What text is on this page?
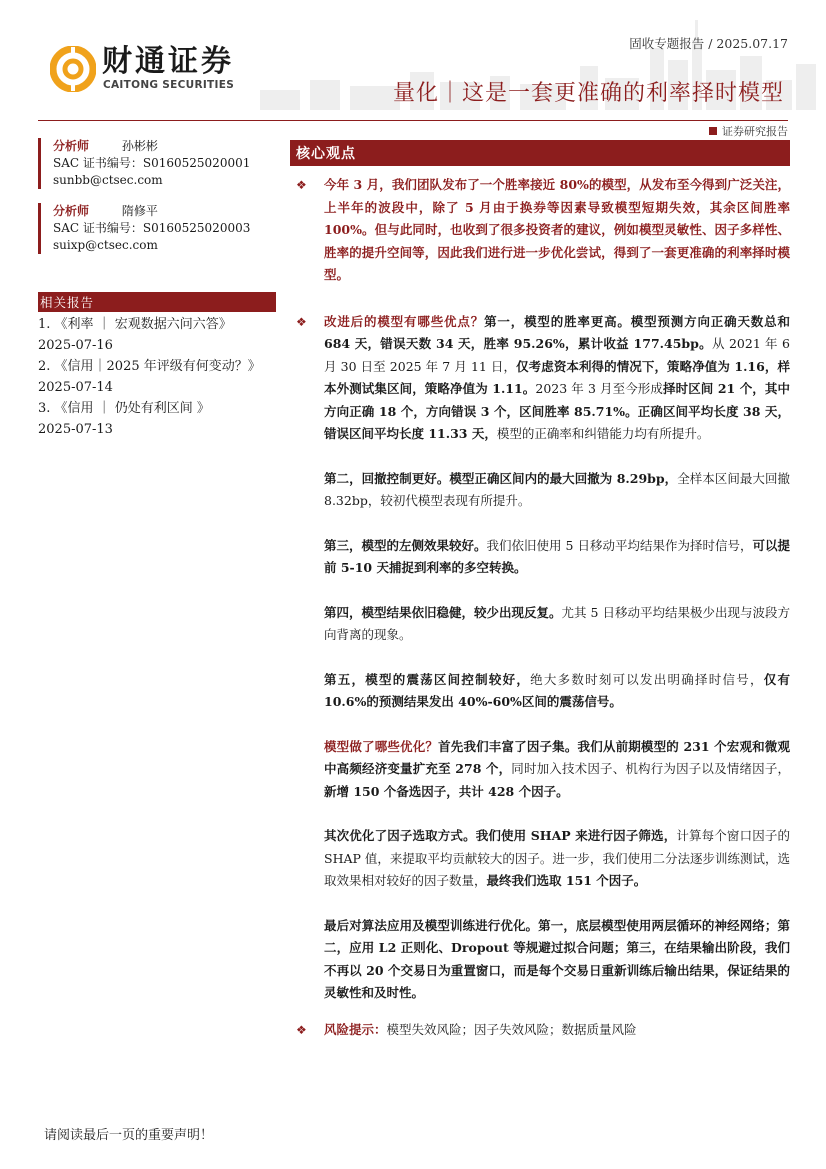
财通证券
CAITONG SECURITIES
固收专题报告 / 2025.07.17
量化｜这是一套更准确的利率择时模型
证券研究报告
分析师	孙彬彬
SAC 证书编号：S0160525020001
sunbb@ctsec.com
分析师	隋修平
SAC 证书编号：S0160525020003
suixp@ctsec.com
相关报告
1. 《利率 ｜ 宏观数据六问六答》
2025-07-16
2. 《信用｜2025 年评级有何变动？》
2025-07-14
3. 《信用 ｜ 仍处有利区间 》
2025-07-13
核心观点
❖ 今年 3 月，我们团队发布了一个胜率接近 80%的模型，从发布至今得到广泛关注，上半年的波段中，除了 5 月由于换券等因素导致模型短期失效，其余区间胜率 100%。但与此同时，也收到了很多投资者的建议，例如模型灵敏性、因子多样性、胜率的提升空间等，因此我们进行进一步优化尝试，得到了一套更准确的利率择时模型。

❖ 改进后的模型有哪些优点？第一，模型的胜率更高。模型预测方向正确天数总和 684 天，错误天数 34 天，胜率 95.26%，累计收益 177.45bp。从 2021 年 6 月 30 日至 2025 年 7 月 11 日，仅考虑资本利得的情况下，策略净值为 1.16，样本外测试集区间，策略净值为 1.11。2023 年 3 月至今形成择时区间 21 个，其中方向正确 18 个，方向错误 3 个，区间胜率 85.71%。正确区间平均长度 38 天，错误区间平均长度 11.33 天，模型的正确率和纠错能力均有所提升。

第二，回撤控制更好。模型正确区间内的最大回撤为 8.29bp，全样本区间最大回撤 8.32bp，较初代模型表现有所提升。

第三，模型的左侧效果较好。我们依旧使用 5 日移动平均结果作为择时信号，可以提前 5-10 天捕捉到利率的多空转换。

第四，模型结果依旧稳健，较少出现反复。尤其 5 日移动平均结果极少出现与波段方向背离的现象。

第五，模型的震荡区间控制较好，绝大多数时刻可以发出明确择时信号，仅有 10.6%的预测结果发出 40%-60%区间的震荡信号。

模型做了哪些优化？首先我们丰富了因子集。我们从前期模型的 231 个宏观和微观中高频经济变量扩充至 278 个，同时加入技术因子、机构行为因子以及情绪因子，新增 150 个备选因子，共计 428 个因子。

其次优化了因子选取方式。我们使用 SHAP 来进行因子筛选，计算每个窗口因子的 SHAP 值，来提取平均贡献较大的因子。进一步，我们使用二分法逐步训练测试，选取效果相对较好的因子数量，最终我们选取 151 个因子。

最后对算法应用及模型训练进行优化。第一，底层模型使用两层循环的神经网络；第二，应用 L2 正则化、Dropout 等规避过拟合问题；第三，在结果输出阶段，我们不再以 20 个交易日为重置窗口，而是每个交易日重新训练后输出结果，保证结果的灵敏性和及时性。

❖ 风险提示：模型失效风险；因子失效风险；数据质量风险

请阅读最后一页的重要声明！
